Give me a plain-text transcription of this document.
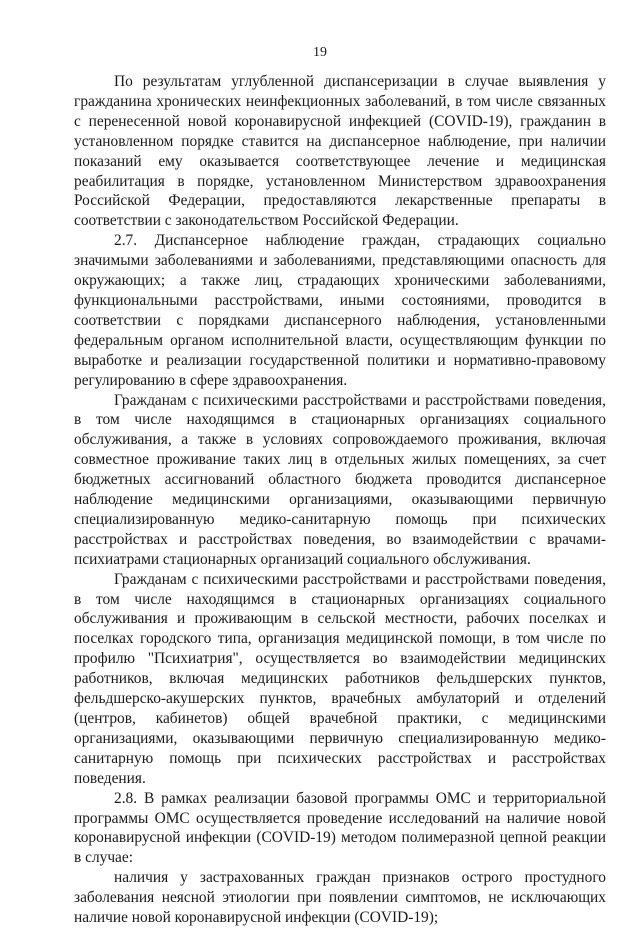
19

По результатам углубленной диспансеризации в случае выявления у гражданина хронических неинфекционных заболеваний, в том числе связанных с перенесенной новой коронавирусной инфекцией (COVID-19), гражданин в установленном порядке ставится на диспансерное наблюдение, при наличии показаний ему оказывается соответствующее лечение и медицинская реабилитация в порядке, установленном Министерством здравоохранения Российской Федерации, предоставляются лекарственные препараты в соответствии с законодательством Российской Федерации.

2.7. Диспансерное наблюдение граждан, страдающих социально значимыми заболеваниями и заболеваниями, представляющими опасность для окружающих; а также лиц, страдающих хроническими заболеваниями, функциональными расстройствами, иными состояниями, проводится в соответствии с порядками диспансерного наблюдения, установленными федеральным органом исполнительной власти, осуществляющим функции по выработке и реализации государственной политики и нормативно-правовому регулированию в сфере здравоохранения.

Гражданам с психическими расстройствами и расстройствами поведения, в том числе находящимся в стационарных организациях социального обслуживания, а также в условиях сопровождаемого проживания, включая совместное проживание таких лиц в отдельных жилых помещениях, за счет бюджетных ассигнований областного бюджета проводится диспансерное наблюдение медицинскими организациями, оказывающими первичную специализированную медико-санитарную помощь при психических расстройствах и расстройствах поведения, во взаимодействии с врачами-психиатрами стационарных организаций социального обслуживания.

Гражданам с психическими расстройствами и расстройствами поведения, в том числе находящимся в стационарных организациях социального обслуживания и проживающим в сельской местности, рабочих поселках и поселках городского типа, организация медицинской помощи, в том числе по профилю "Психиатрия", осуществляется во взаимодействии медицинских работников, включая медицинских работников фельдшерских пунктов, фельдшерско-акушерских пунктов, врачебных амбулаторий и отделений (центров, кабинетов) общей врачебной практики, с медицинскими организациями, оказывающими первичную специализированную медико-санитарную помощь при психических расстройствах и расстройствах поведения.

2.8. В рамках реализации базовой программы ОМС и территориальной программы ОМС осуществляется проведение исследований на наличие новой коронавирусной инфекции (COVID-19) методом полимеразной цепной реакции в случае:

наличия у застрахованных граждан признаков острого простудного заболевания неясной этиологии при появлении симптомов, не исключающих наличие новой коронавирусной инфекции (COVID-19);
